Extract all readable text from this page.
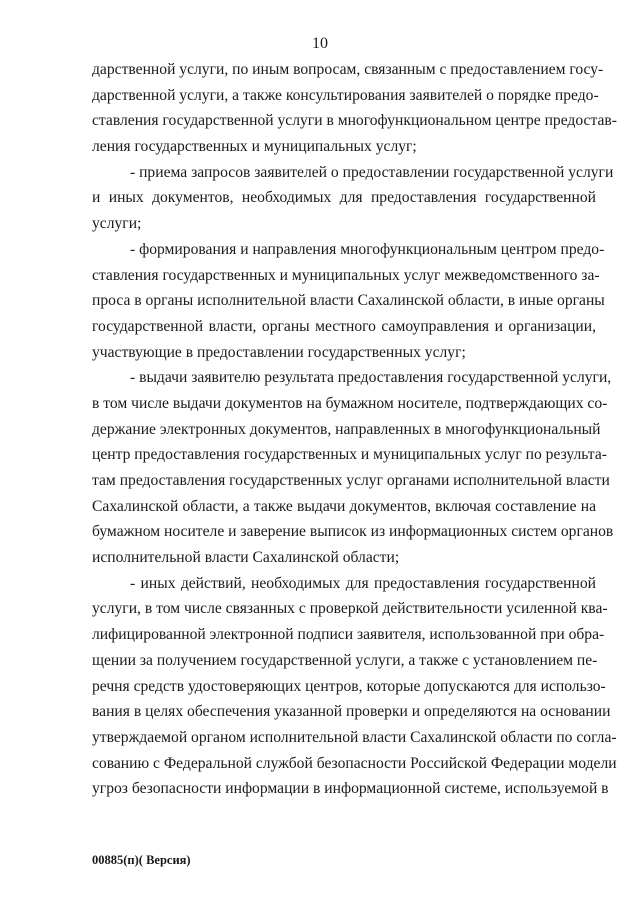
10
дарственной услуги, по иным вопросам, связанным с предоставлением госу-
дарственной услуги, а также консультирования заявителей о порядке предо-
ставления государственной услуги в многофункциональном центре предостав-
ления государственных и муниципальных услуг;
- приема запросов заявителей о предоставлении государственной услуги
и иных документов, необходимых для предоставления государственной
услуги;
- формирования и направления многофункциональным центром предо-
ставления государственных и муниципальных услуг межведомственного за-
проса в органы исполнительной власти Сахалинской области, в иные органы
государственной власти, органы местного самоуправления и организации,
участвующие в предоставлении государственных услуг;
- выдачи заявителю результата предоставления государственной услуги,
в том числе выдачи документов на бумажном носителе, подтверждающих со-
держание электронных документов, направленных в многофункциональный
центр предоставления государственных и муниципальных услуг по результа-
там предоставления государственных услуг органами исполнительной власти
Сахалинской области, а также выдачи документов, включая составление на
бумажном носителе и заверение выписок из информационных систем органов
исполнительной власти Сахалинской области;
- иных действий, необходимых для предоставления государственной
услуги, в том числе связанных с проверкой действительности усиленной ква-
лифицированной электронной подписи заявителя, использованной при обра-
щении за получением государственной услуги, а также с установлением пе-
речня средств удостоверяющих центров, которые допускаются для использо-
вания в целях обеспечения указанной проверки и определяются на основании
утверждаемой органом исполнительной власти Сахалинской области по согла-
сованию с Федеральной службой безопасности Российской Федерации модели
угроз безопасности информации в информационной системе, используемой в
00885(п)( Версия)
